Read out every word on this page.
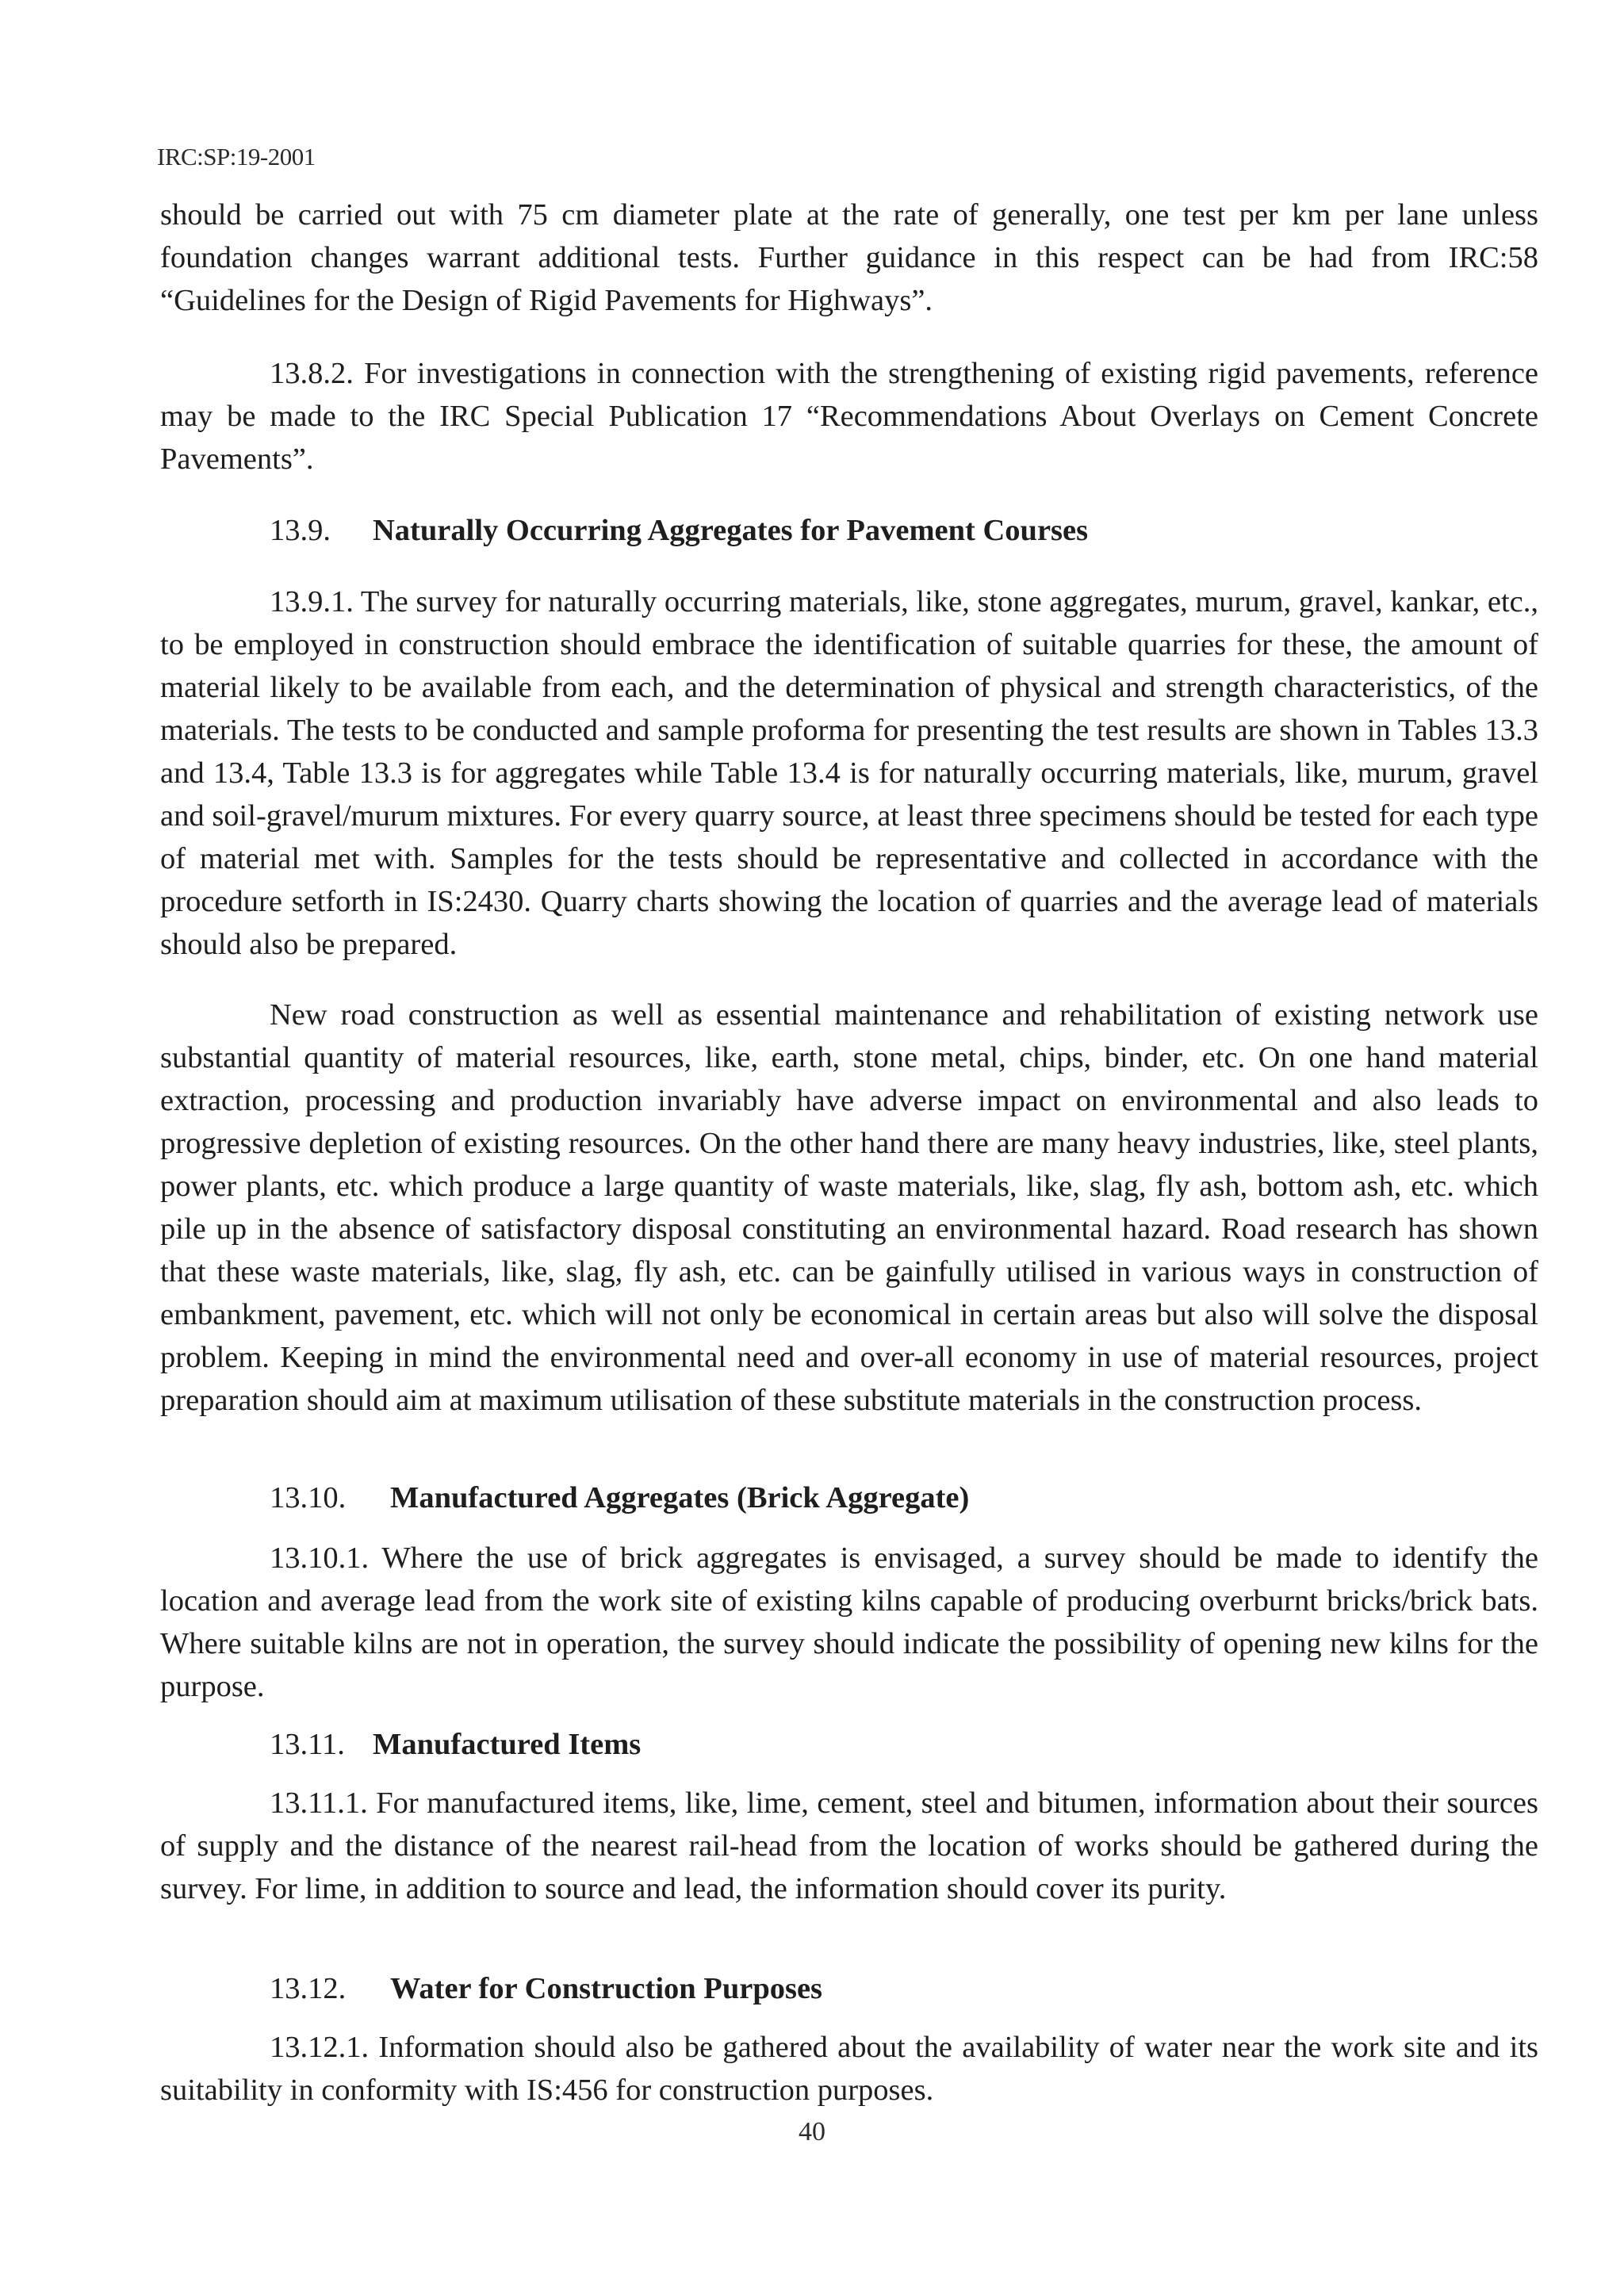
IRC:SP:19-2001

should be carried out with 75 cm diameter plate at the rate of generally, one test per km per lane unless foundation changes warrant additional tests. Further guidance in this respect can be had from IRC:58 “Guidelines for the Design of Rigid Pavements for Highways”.

13.8.2. For investigations in connection with the strengthening of existing rigid pavements, reference may be made to the IRC Special Publication 17 “Recommendations About Overlays on Cement Concrete Pavements”.

13.9. Naturally Occurring Aggregates for Pavement Courses

13.9.1. The survey for naturally occurring materials, like, stone aggregates, murum, gravel, kankar, etc., to be employed in construction should embrace the identification of suitable quarries for these, the amount of material likely to be available from each, and the determination of physical and strength characteristics, of the materials. The tests to be conducted and sample proforma for presenting the test results are shown in Tables 13.3 and 13.4, Table 13.3 is for aggregates while Table 13.4 is for naturally occurring materials, like, murum, gravel and soil-gravel/murum mixtures. For every quarry source, at least three specimens should be tested for each type of material met with. Samples for the tests should be representative and collected in accordance with the procedure setforth in IS:2430. Quarry charts showing the location of quarries and the average lead of materials should also be prepared.

New road construction as well as essential maintenance and rehabilitation of existing network use substantial quantity of material resources, like, earth, stone metal, chips, binder, etc. On one hand material extraction, processing and production invariably have adverse impact on environmental and also leads to progressive depletion of existing resources. On the other hand there are many heavy industries, like, steel plants, power plants, etc. which produce a large quantity of waste materials, like, slag, fly ash, bottom ash, etc. which pile up in the absence of satisfactory disposal constituting an environmental hazard. Road research has shown that these waste materials, like, slag, fly ash, etc. can be gainfully utilised in various ways in construction of embankment, pavement, etc. which will not only be economical in certain areas but also will solve the disposal problem. Keeping in mind the environmental need and over-all economy in use of material resources, project preparation should aim at maximum utilisation of these substitute materials in the construction process.

13.10. Manufactured Aggregates (Brick Aggregate)

13.10.1. Where the use of brick aggregates is envisaged, a survey should be made to identify the location and average lead from the work site of existing kilns capable of producing overburnt bricks/brick bats. Where suitable kilns are not in operation, the survey should indicate the possibility of opening new kilns for the purpose.

13.11. Manufactured Items

13.11.1. For manufactured items, like, lime, cement, steel and bitumen, information about their sources of supply and the distance of the nearest rail-head from the location of works should be gathered during the survey. For lime, in addition to source and lead, the information should cover its purity.

13.12. Water for Construction Purposes

13.12.1. Information should also be gathered about the availability of water near the work site and its suitability in conformity with IS:456 for construction purposes.

40
